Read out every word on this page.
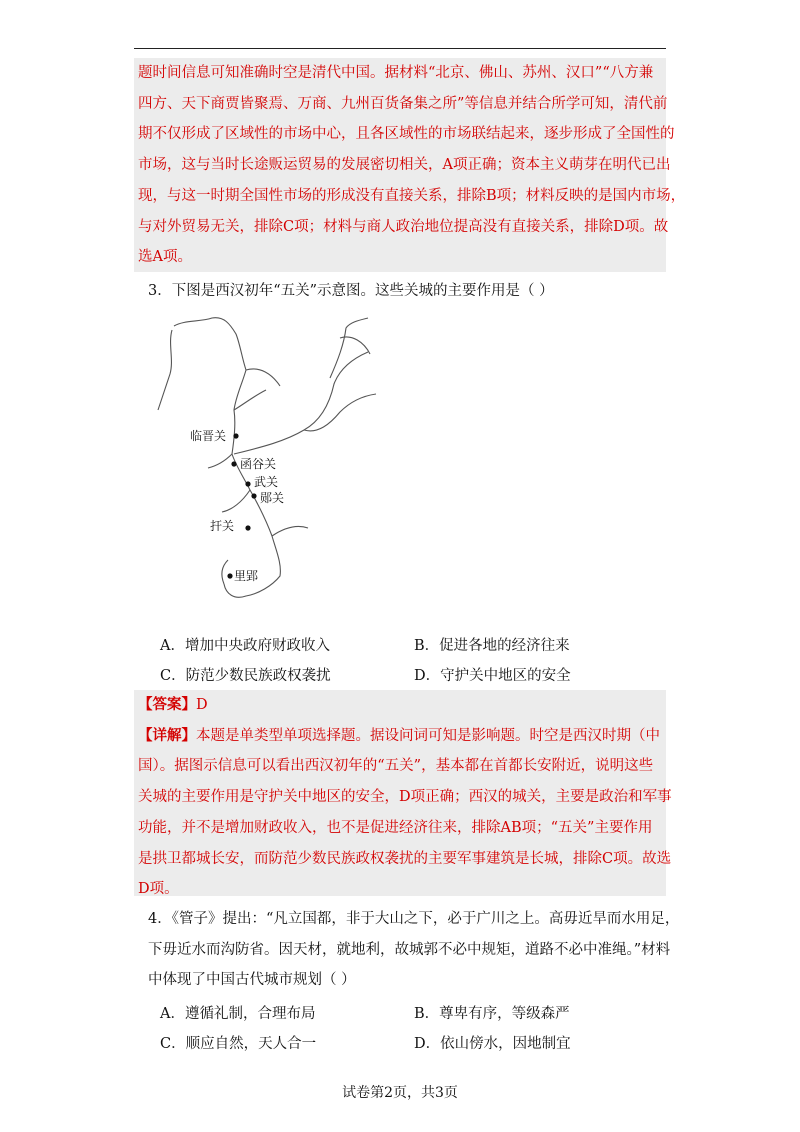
题时间信息可知准确时空是清代中国。据材料“北京、佛山、苏州、汉口”“八方兼

四方、天下商贾皆聚焉、万商、九州百货备集之所”等信息并结合所学可知，清代前

期不仅形成了区域性的市场中心，且各区域性的市场联结起来，逐步形成了全国性的

市场，这与当时长途贩运贸易的发展密切相关，A项正确；资本主义萌芽在明代已出

现，与这一时期全国性市场的形成没有直接关系，排除B项；材料反映的是国内市场，

与对外贸易无关，排除C项；材料与商人政治地位提高没有直接关系，排除D项。故

选A项。

3．下图是西汉初年“五关”示意图。这些关城的主要作用是（ ）

临晋关
函谷关
武关
郧关
扞关
里郢
A．增加中央政府财政收入	B．促进各地的经济往来
C．防范少数民族政权袭扰	D．守护关中地区的安全

【答案】D

【详解】本题是单类型单项选择题。据设问词可知是影响题。时空是西汉时期（中

国）。据图示信息可以看出西汉初年的“五关”，基本都在首都长安附近，说明这些

关城的主要作用是守护关中地区的安全，D项正确；西汉的城关，主要是政治和军事

功能，并不是增加财政收入，也不是促进经济往来，排除AB项；“五关”主要作用

是拱卫都城长安，而防范少数民族政权袭扰的主要军事建筑是长城，排除C项。故选

D项。

4．《管子》提出：“凡立国都，非于大山之下，必于广川之上。高毋近旱而水用足，

下毋近水而沟防省。因天材，就地利，故城郭不必中规矩，道路不必中准绳。”材料

中体现了中国古代城市规划（ ）

A．遵循礼制，合理布局	B．尊卑有序，等级森严
C．顺应自然，天人合一	D．依山傍水，因地制宜
试卷第2页，共3页
